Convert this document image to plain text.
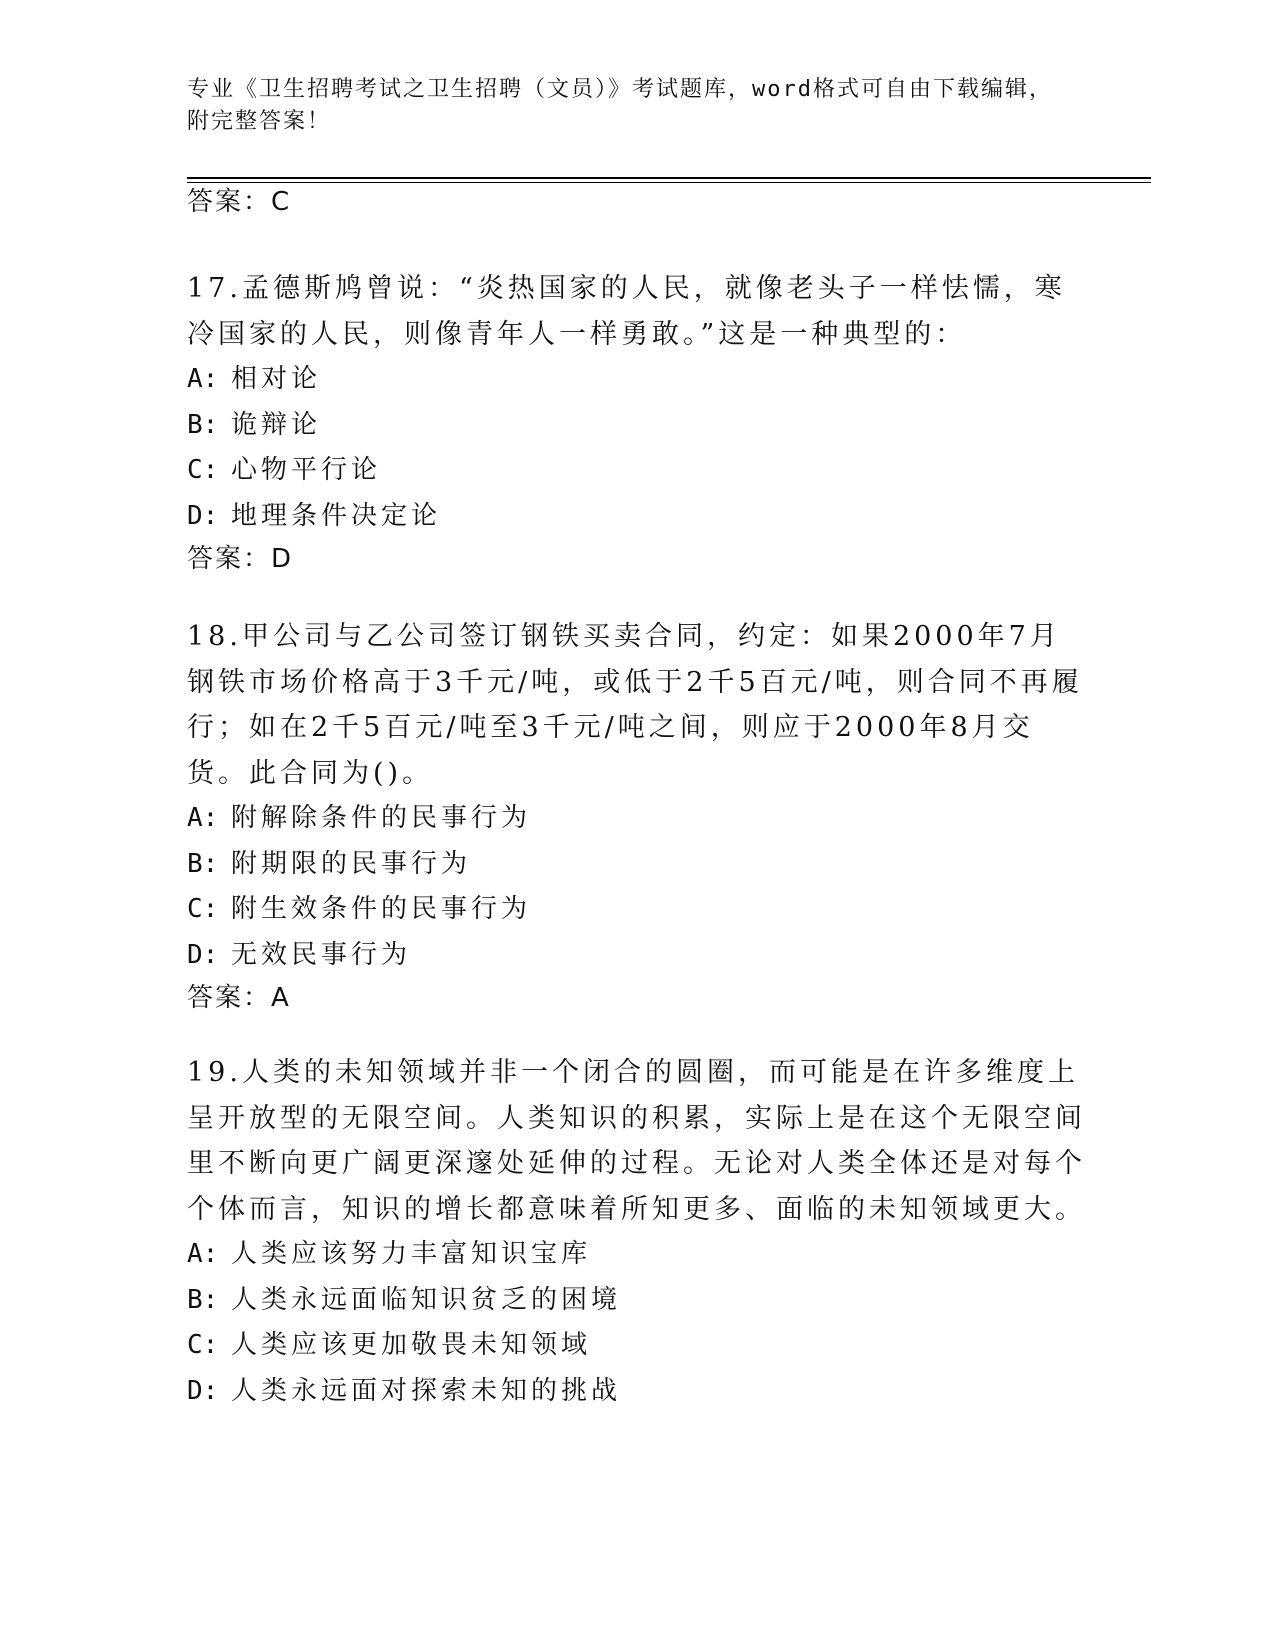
专业《卫生招聘考试之卫生招聘（文员）》考试题库，word格式可自由下载编辑，附完整答案！
答案：C
17.孟德斯鸠曾说：“炎热国家的人民，就像老头子一样怯懦，寒冷国家的人民，则像青年人一样勇敢。”这是一种典型的：
A: 相对论
B: 诡辩论
C: 心物平行论
D: 地理条件决定论
答案：D
18.甲公司与乙公司签订钢铁买卖合同，约定：如果2000年7月钢铁市场价格高于3千元/吨，或低于2千5百元/吨，则合同不再履行；如在2千5百元/吨至3千元/吨之间，则应于2000年8月交货。此合同为()。
A: 附解除条件的民事行为
B: 附期限的民事行为
C: 附生效条件的民事行为
D: 无效民事行为
答案：A
19.人类的未知领域并非一个闭合的圆圈，而可能是在许多维度上呈开放型的无限空间。人类知识的积累，实际上是在这个无限空间里不断向更广阔更深邃处延伸的过程。无论对人类全体还是对每个个体而言，知识的增长都意味着所知更多、面临的未知领域更大。
A: 人类应该努力丰富知识宝库
B: 人类永远面临知识贫乏的困境
C: 人类应该更加敬畏未知领域
D: 人类永远面对探索未知的挑战
